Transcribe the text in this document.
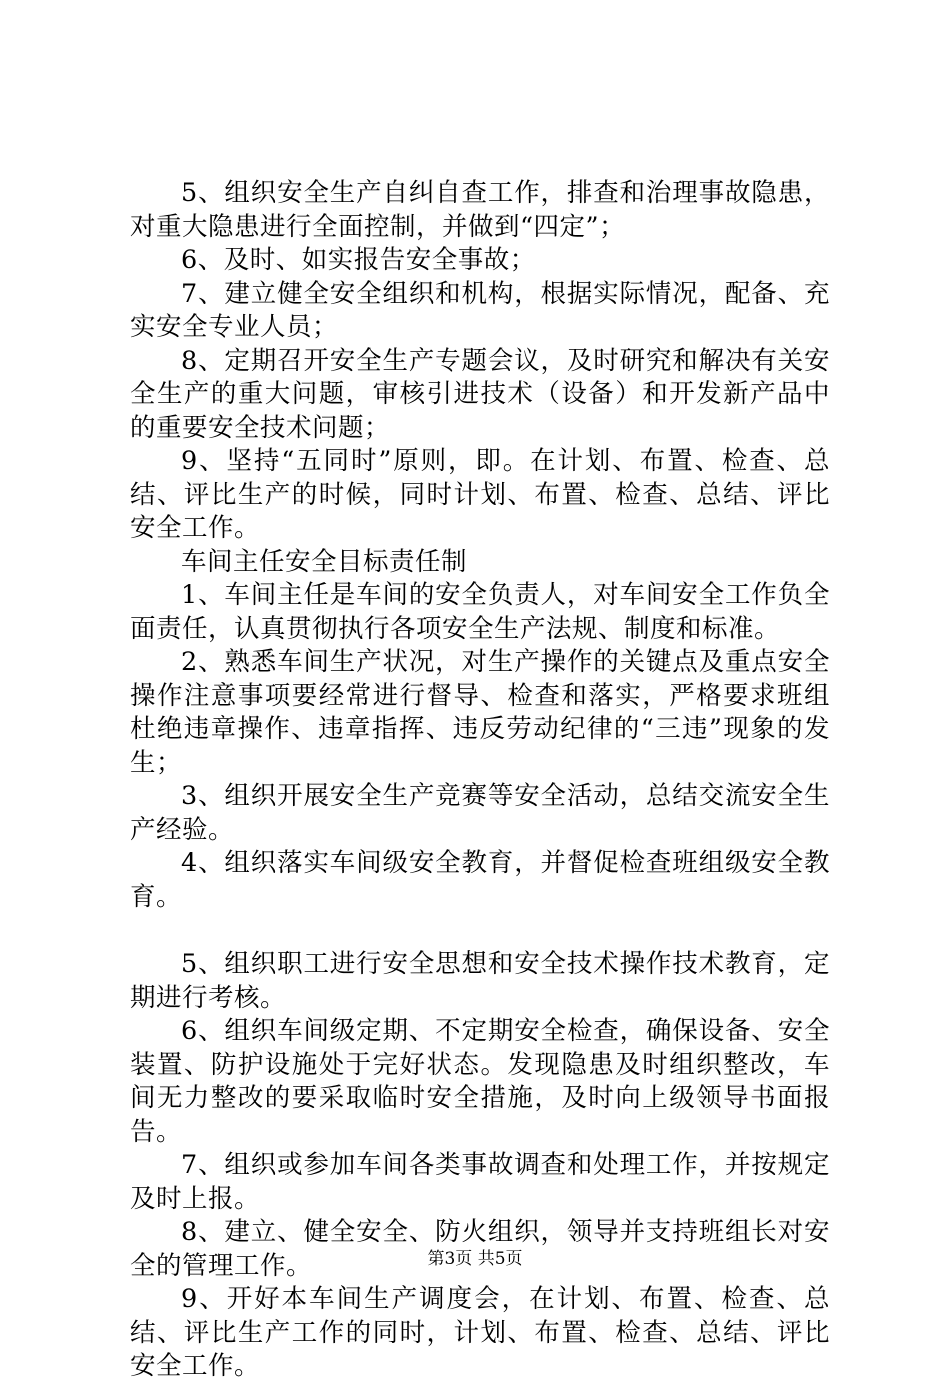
5、组织安全生产自纠自查工作，排查和治理事故隐患，对重大隐患进行全面控制，并做到“四定”；

6、及时、如实报告安全事故；

7、建立健全安全组织和机构，根据实际情况，配备、充实安全专业人员；

8、定期召开安全生产专题会议，及时研究和解决有关安全生产的重大问题，审核引进技术（设备）和开发新产品中的重要安全技术问题；

9、坚持“五同时”原则，即。在计划、布置、检查、总结、评比生产的时候，同时计划、布置、检查、总结、评比安全工作。

车间主任安全目标责任制

1、车间主任是车间的安全负责人，对车间安全工作负全面责任，认真贯彻执行各项安全生产法规、制度和标准。

2、熟悉车间生产状况，对生产操作的关键点及重点安全操作注意事项要经常进行督导、检查和落实，严格要求班组杜绝违章操作、违章指挥、违反劳动纪律的“三违”现象的发生；

3、组织开展安全生产竞赛等安全活动，总结交流安全生产经验。

4、组织落实车间级安全教育，并督促检查班组级安全教育。

5、组织职工进行安全思想和安全技术操作技术教育，定期进行考核。

6、组织车间级定期、不定期安全检查，确保设备、安全装置、防护设施处于完好状态。发现隐患及时组织整改，车间无力整改的要采取临时安全措施，及时向上级领导书面报告。

7、组织或参加车间各类事故调查和处理工作，并按规定及时上报。

8、建立、健全安全、防火组织，领导并支持班组长对安全的管理工作。

9、开好本车间生产调度会，在计划、布置、检查、总结、评比生产工作的同时，计划、布置、检查、总结、评比安全工作。

第3页 共5页
